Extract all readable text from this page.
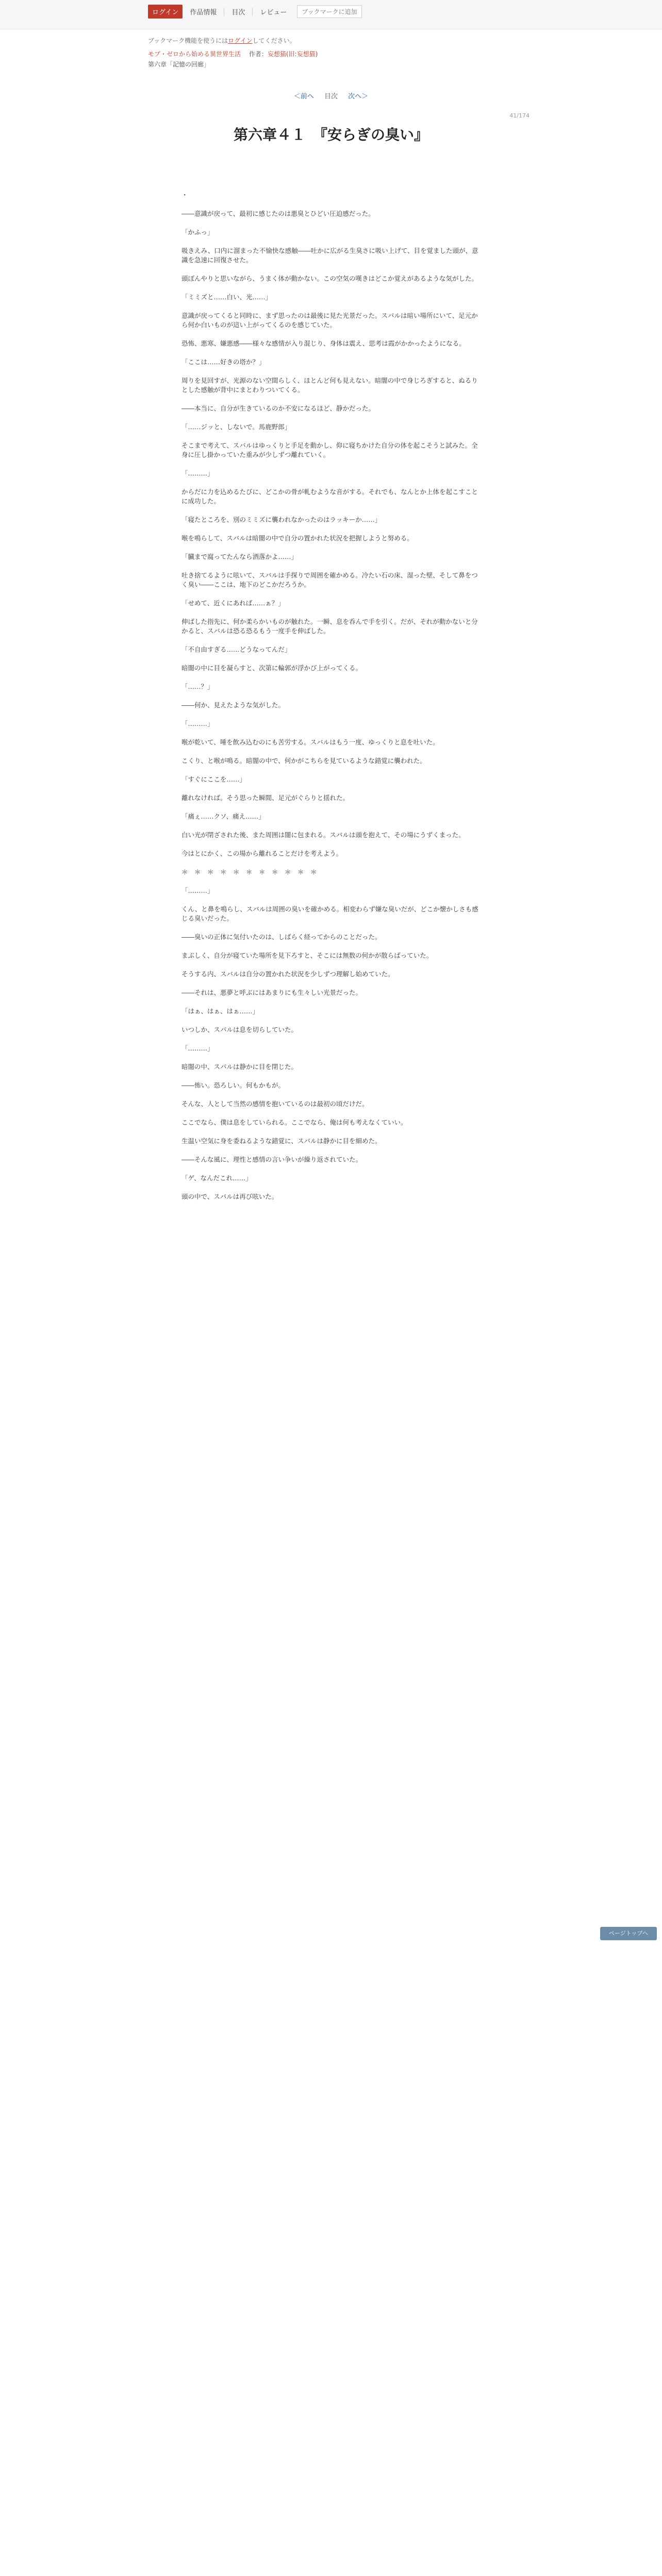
ログイン	作品情報	目次	レビュー	ブックマークに追加
ブックマーク機能を使うにはログインしてください。
モブ・ゼロから始める異世界生活 作者：妄想猫(旧:妄想猫)
第六章「記憶の回廊」
＜前へ 目次 次へ＞
41/174
第六章４１　『安らぎの臭い』

・

――意識が戻って、最初に感じたのは悪臭とひどい圧迫感だった。

「かふっ」

吸きえみ、口内に溜まった不愉快な感触――吐かに広がる生臭さに吸い上げて、目を覚ました頭が、意識を急速に回復させた。

頭ぼんやりと思いながら、うまく体が動かない。この空気の嘆きはどこか覚えがあるような気がした。

「ミミズと……白い、光……」

意識が戻ってくると同時に、まず思ったのは最後に見た光景だった。スバルは暗い場所にいて、足元から何か白いものが這い上がってくるのを感じていた。

恐怖、悪寒、嫌悪感――様々な感情が入り混じり、身体は震え、思考は霞がかかったようになる。

「ここは……好きの塔か？」

周りを見回すが、光源のない空間らしく、ほとんど何も見えない。暗闇の中で身じろぎすると、ぬるりとした感触が背中にまとわりついてくる。

――本当に、自分が生きているのか不安になるほど、静かだった。

「……ジッと、しないで。馬鹿野郎」

そこまで考えて、スバルはゆっくりと手足を動かし、仰に寝ちかけた自分の体を起こそうと試みた。全身に圧し掛かっていた重みが少しずつ離れていく。

「………」

からだに力を込めるたびに、どこかの骨が軋むような音がする。それでも、なんとか上体を起こすことに成功した。

「寝たところを、別のミミズに襲われなかったのはラッキーか……」

喉を鳴らして、スバルは暗闇の中で自分の置かれた状況を把握しようと努める。

「臓まで腐ってたんなら洒落かよ……」

吐き捨てるように呟いて、スバルは手探りで周囲を確かめる。冷たい石の床、湿った壁、そして鼻をつく臭い――ここは、地下のどこかだろうか。

「せめて、近くにあれば……ぁ？」

伸ばした指先に、何か柔らかいものが触れた。一瞬、息を呑んで手を引く。だが、それが動かないと分かると、スバルは恐る恐るもう一度手を伸ばした。

「不自由すぎる……どうなってんだ」

暗闇の中に目を凝らすと、次第に輪郭が浮かび上がってくる。

「……？」

――何か、見えたような気がした。

「………」

喉が乾いて、唾を飲み込むのにも苦労する。スバルはもう一度、ゆっくりと息を吐いた。

こくり、と喉が鳴る。暗闇の中で、何かがこちらを見ているような錯覚に襲われた。

「すぐにここを……」

離れなければ。そう思った瞬間、足元がぐらりと揺れた。

「痛ぇ……クソ、痛え……」

白い光が閉ざされた後、また周囲は闇に包まれる。スバルは頭を抱えて、その場にうずくまった。

今はとにかく、この場から離れることだけを考えよう。

＊　＊　＊　＊　＊　＊　＊　＊　＊　＊　＊

「………」

くん、と鼻を鳴らし、スバルは周囲の臭いを確かめる。相変わらず嫌な臭いだが、どこか懐かしさも感じる臭いだった。

――臭いの正体に気付いたのは、しばらく経ってからのことだった。

まぶしく、自分が寝ていた場所を見下ろすと、そこには無数の何かが散らばっていた。

そうする内、スバルは自分の置かれた状況を少しずつ理解し始めていた。

――それは、悪夢と呼ぶにはあまりにも生々しい光景だった。

「はぁ、はぁ、はぁ……」

いつしか、スバルは息を切らしていた。

「………」

暗闇の中、スバルは静かに目を閉じた。

――怖い。恐ろしい。何もかもが。

そんな、人として当然の感情を抱いているのは最初の頃だけだ。

ここでなら、僕は息をしていられる。ここでなら、俺は何も考えなくていい。

生温い空気に身を委ねるような錯覚に、スバルは静かに目を細めた。

――そんな風に、理性と感情の言い争いが繰り返されていた。

「ゲ、なんだこれ……」

頭の中で、スバルは再び呟いた。

ページトップへ
